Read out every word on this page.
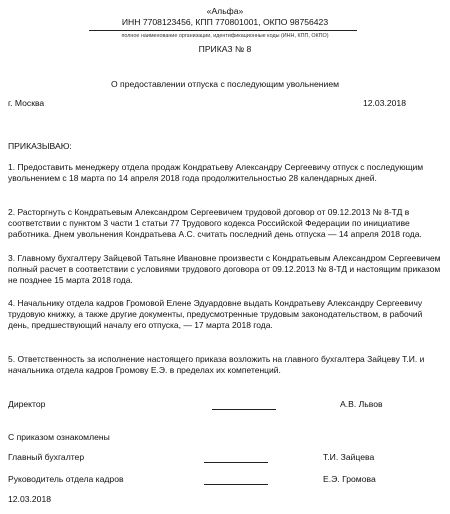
«Альфа»
ИНН 7708123456, КПП 770801001, ОКПО 98756423
полное наименование организации, идентификационные коды (ИНН, КПП, ОКПО)
ПРИКАЗ № 8
О предоставлении отпуска с последующим увольнением
г. Москва	12.03.2018
ПРИКАЗЫВАЮ:
1. Предоставить менеджеру отдела продаж Кондратьеву Александру Сергеевичу отпуск с последующим увольнением с 18 марта по 14 апреля 2018 года продолжительностью 28 календарных дней.
2. Расторгнуть с Кондратьевым Александром Сергеевичем трудовой договор от 09.12.2013 № 8-ТД в соответствии с пунктом 3 части 1 статьи 77 Трудового кодекса Российской Федерации по инициативе работника. Днем увольнения Кондратьева А.С. считать последний день отпуска — 14 апреля 2018 года.
3. Главному бухгалтеру Зайцевой Татьяне Ивановне произвести с Кондратьевым Александром Сергеевичем полный расчет в соответствии с условиями трудового договора от 09.12.2013 № 8-ТД и настоящим приказом не позднее 15 марта 2018 года.
4. Начальнику отдела кадров Громовой Елене Эдуардовне выдать Кондратьеву Александру Сергеевичу трудовую книжку, а также другие документы, предусмотренные трудовым законодательством, в рабочий день, предшествующий началу его отпуска, — 17 марта 2018 года.
5. Ответственность за исполнение настоящего приказа возложить на главного бухгалтера Зайцеву Т.И. и начальника отдела кадров Громову Е.Э. в пределах их компетенций.
Директор	А.В. Львов
С приказом ознакомлены
Главный бухгалтер	Т.И. Зайцева
Руководитель отдела кадров	Е.Э. Громова
12.03.2018
